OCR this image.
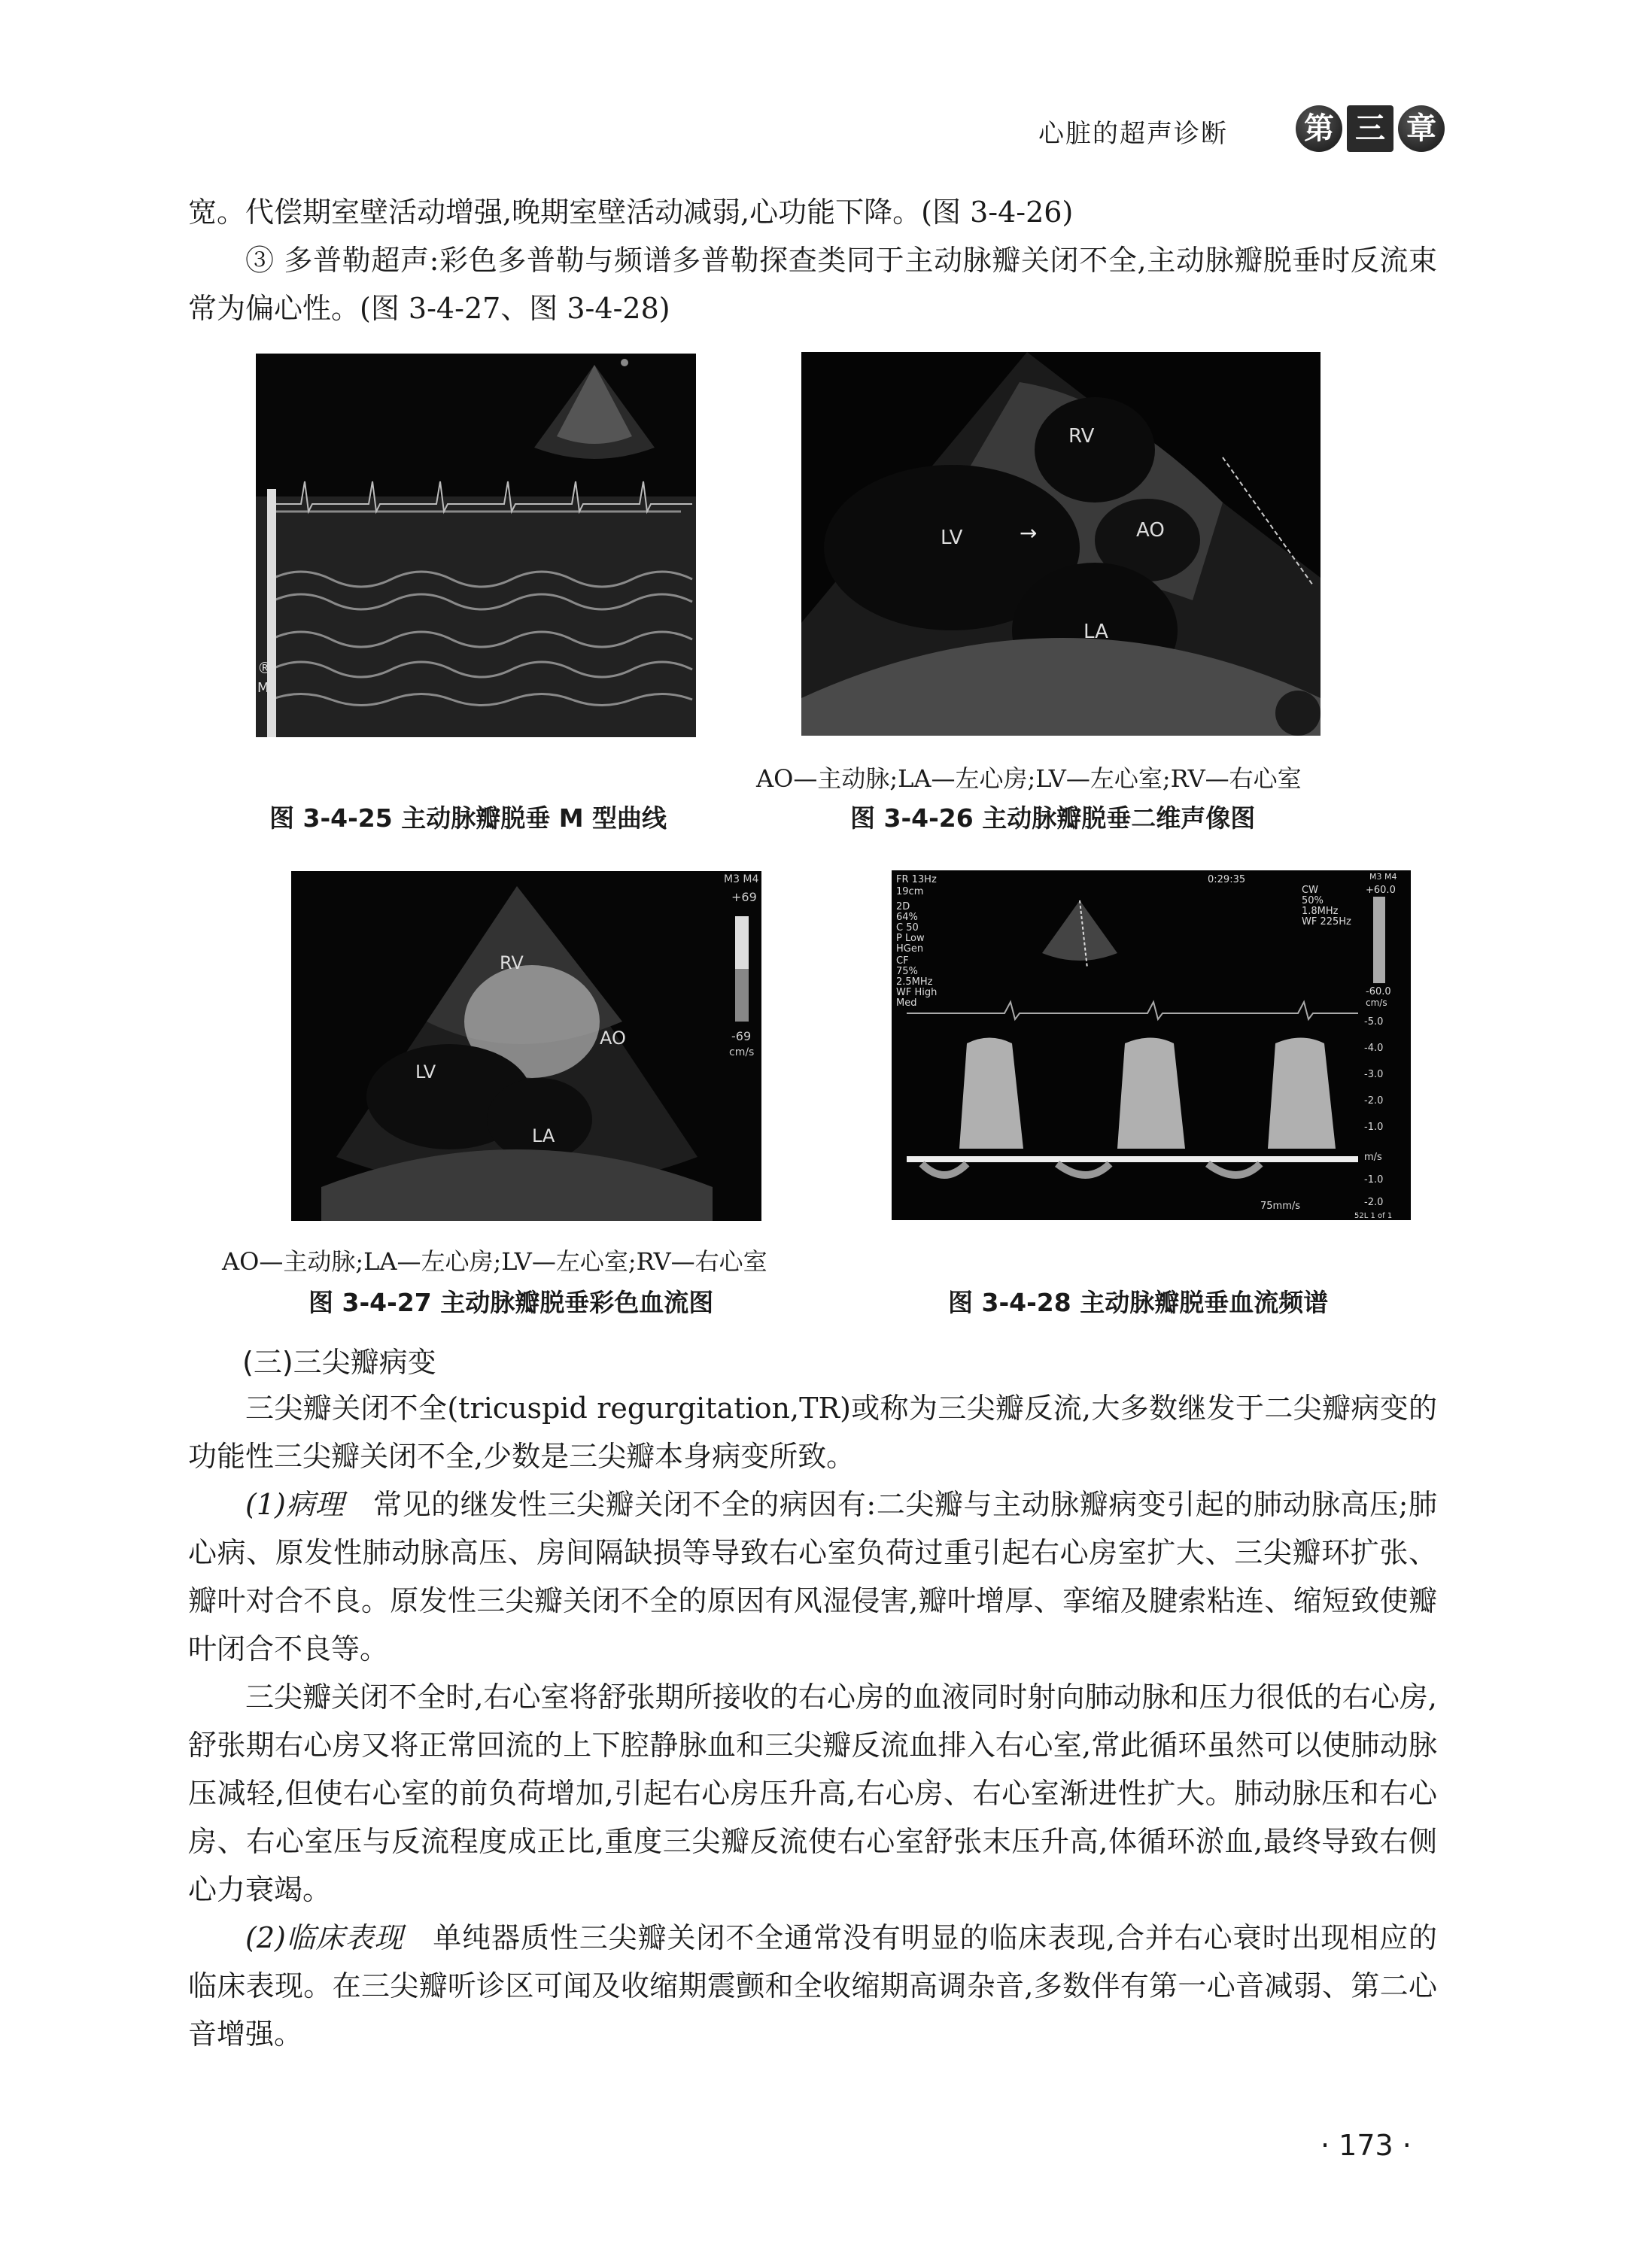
心脏的超声诊断	第 三 章

宽。代偿期室壁活动增强,晚期室壁活动减弱,心功能下降。(图 3-4-26)

③ 多普勒超声:彩色多普勒与频谱多普勒探查类同于主动脉瓣关闭不全,主动脉瓣脱垂时反流束常为偏心性。(图 3-4-27、图 3-4-28)

®
M
图 3-4-25 主动脉瓣脱垂 M 型曲线
RV
LV	→	AO
LA
AO—主动脉;LA—左心房;LV—左心室;RV—右心室
图 3-4-26 主动脉瓣脱垂二维声像图
M3 M4
+69
-69
cm/s
RV
LV
AO
LA
AO—主动脉;LA—左心房;LV—左心室;RV—右心室
图 3-4-27 主动脉瓣脱垂彩色血流图
FR 13Hz
19cm
2D
64%
C 50
P Low
HGen
CF
75%
2.5MHz
WF High
Med
0:29:35
CW
50%
1.8MHz
WF 225Hz
M3 M4
+60.0
-60.0
cm/s
-5.0
-4.0
-3.0
-2.0
-1.0
m/s
-1.0
-2.0
75mm/s
52L 1 of 1
图 3-4-28 主动脉瓣脱垂血流频谱
(三)三尖瓣病变

三尖瓣关闭不全(tricuspid regurgitation,TR)或称为三尖瓣反流,大多数继发于二尖瓣病变的功能性三尖瓣关闭不全,少数是三尖瓣本身病变所致。

(1)病理  常见的继发性三尖瓣关闭不全的病因有:二尖瓣与主动脉瓣病变引起的肺动脉高压;肺心病、原发性肺动脉高压、房间隔缺损等导致右心室负荷过重引起右心房室扩大、三尖瓣环扩张、瓣叶对合不良。原发性三尖瓣关闭不全的原因有风湿侵害,瓣叶增厚、挛缩及腱索粘连、缩短致使瓣叶闭合不良等。

三尖瓣关闭不全时,右心室将舒张期所接收的右心房的血液同时射向肺动脉和压力很低的右心房,舒张期右心房又将正常回流的上下腔静脉血和三尖瓣反流血排入右心室,常此循环虽然可以使肺动脉压减轻,但使右心室的前负荷增加,引起右心房压升高,右心房、右心室渐进性扩大。肺动脉压和右心房、右心室压与反流程度成正比,重度三尖瓣反流使右心室舒张末压升高,体循环淤血,最终导致右侧心力衰竭。

(2)临床表现  单纯器质性三尖瓣关闭不全通常没有明显的临床表现,合并右心衰时出现相应的临床表现。在三尖瓣听诊区可闻及收缩期震颤和全收缩期高调杂音,多数伴有第一心音减弱、第二心音增强。

· 173 ·
